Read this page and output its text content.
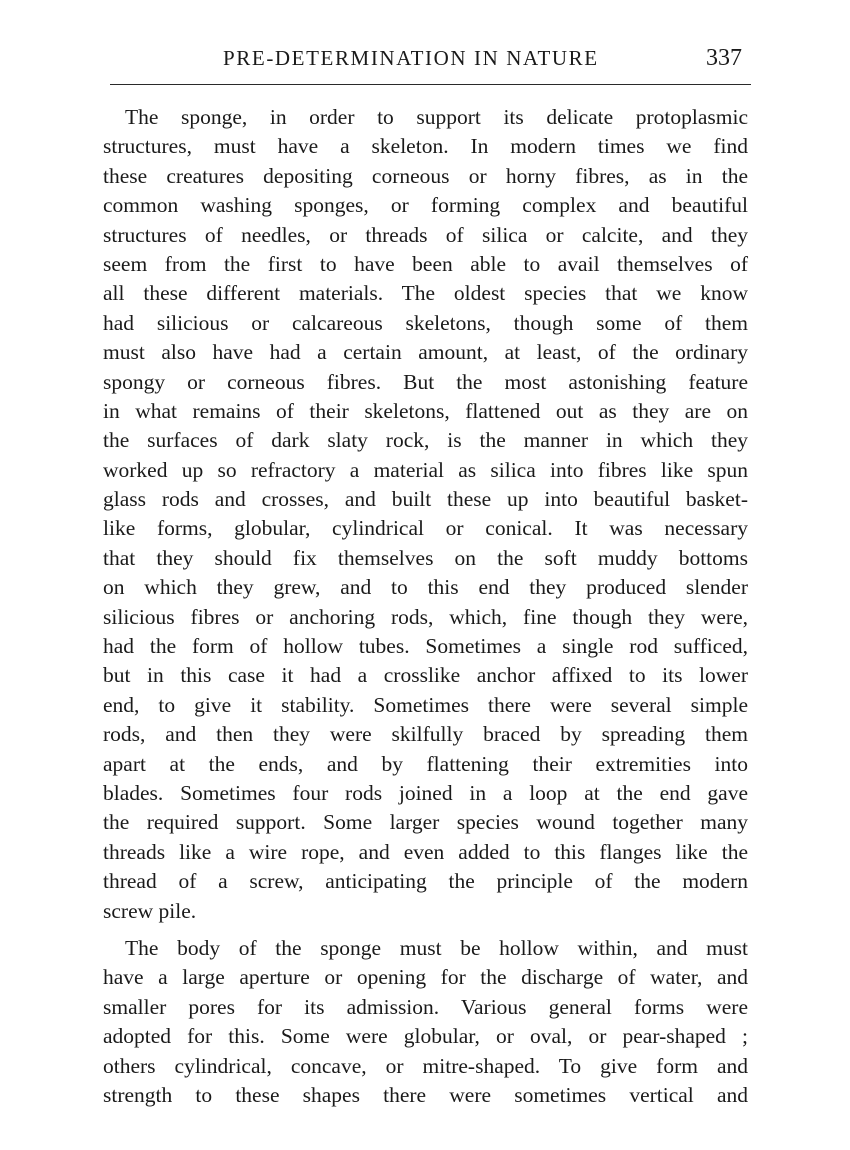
PRE-DETERMINATION IN NATURE	337
The sponge, in order to support its delicate protoplasmic
structures, must have a skeleton. In modern times we find
these creatures depositing corneous or horny fibres, as in the
common washing sponges, or forming complex and beautiful
structures of needles, or threads of silica or calcite, and they
seem from the first to have been able to avail themselves of
all these different materials. The oldest species that we know
had silicious or calcareous skeletons, though some of them
must also have had a certain amount, at least, of the ordinary
spongy or corneous fibres. But the most astonishing feature
in what remains of their skeletons, flattened out as they are on
the surfaces of dark slaty rock, is the manner in which they
worked up so refractory a material as silica into fibres like spun
glass rods and crosses, and built these up into beautiful basket-
like forms, globular, cylindrical or conical. It was necessary
that they should fix themselves on the soft muddy bottoms
on which they grew, and to this end they produced slender
silicious fibres or anchoring rods, which, fine though they were,
had the form of hollow tubes. Sometimes a single rod sufficed,
but in this case it had a crosslike anchor affixed to its lower
end, to give it stability. Sometimes there were several simple
rods, and then they were skilfully braced by spreading them
apart at the ends, and by flattening their extremities into
blades. Sometimes four rods joined in a loop at the end gave
the required support. Some larger species wound together many
threads like a wire rope, and even added to this flanges like the
thread of a screw, anticipating the principle of the modern
screw pile.
The body of the sponge must be hollow within, and must
have a large aperture or opening for the discharge of water, and
smaller pores for its admission. Various general forms were
adopted for this. Some were globular, or oval, or pear-shaped ;
others cylindrical, concave, or mitre-shaped. To give form and
strength to these shapes there were sometimes vertical and
